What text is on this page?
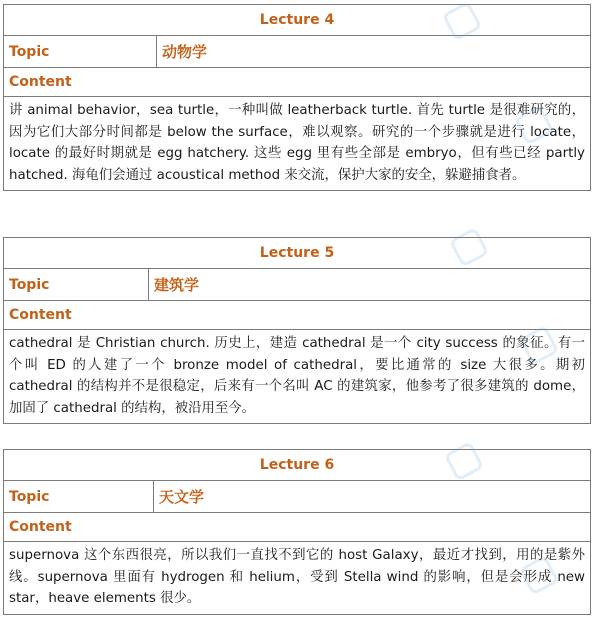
Lecture 4
Topic	动物学
Content
讲 animal behavior，sea turtle，一种叫做 leatherback turtle. 首先 turtle 是很难研究的，因为它们大部分时间都是 below the surface，难以观察。研究的一个步骤就是进行 locate，locate 的最好时期就是 egg hatchery. 这些 egg 里有些全部是 embryo，但有些已经 partly hatched. 海龟们会通过 acoustical method 来交流，保护大家的安全，躲避捕食者。
Lecture 5
Topic	建筑学
Content
cathedral 是 Christian church. 历史上，建造 cathedral 是一个 city success 的象征。有一个叫 ED 的人建了一个 bronze model of cathedral，要比通常的 size 大很多。期初 cathedral 的结构并不是很稳定，后来有一个名叫 AC 的建筑家，他参考了很多建筑的 dome，加固了 cathedral 的结构，被沿用至今。
Lecture 6
Topic	天文学
Content
supernova 这个东西很亮，所以我们一直找不到它的 host Galaxy，最近才找到，用的是紫外线。supernova 里面有 hydrogen 和 helium，受到 Stella wind 的影响，但是会形成 new star，heave elements 很少。
